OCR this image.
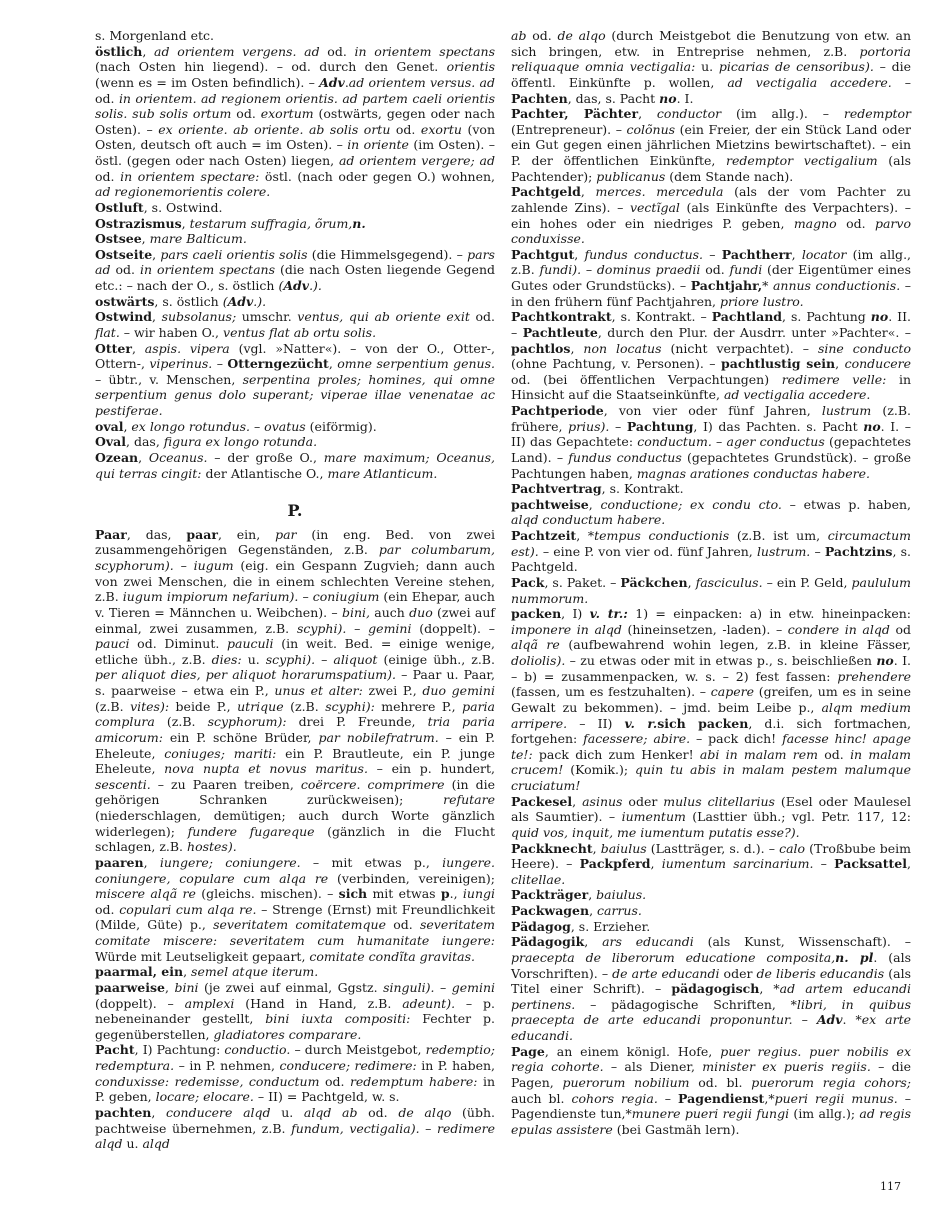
s. Morgenland etc.
östlich, ad orientem vergens. ad od. in orientem spectans (nach Osten hin liegend). – od. durch den Genet. orientis (wenn es = im Osten befindlich). – Adv.ad orientem versus. ad od. in orientem. ad regionem orientis. ad partem caeli orientis solis. sub solis ortum od. exortum (ostwärts, gegen oder nach Osten). – ex oriente. ab oriente. ab solis ortu od. exortu (von Osten, deutsch oft auch = im Osten). – in oriente (im Osten). – östl. (gegen oder nach Osten) liegen, ad orientem vergere; ad od. in orientem spectare: östl. (nach oder gegen O.) wohnen, ad regionemorientis colere.
Ostluft, s. Ostwind.
Ostrazismus, testarum suffragia, õrum,n.
Ostsee, mare Balticum.
Ostseite, pars caeli orientis solis (die Himmelsgegend). – pars ad od. in orientem spectans (die nach Osten liegende Gegend etc.: – nach der O., s. östlich (Adv.).
ostwärts, s. östlich (Adv.).
Ostwind, subsolanus; umschr. ventus, qui ab oriente exit od. flat. – wir haben O., ventus flat ab ortu solis.
Otter, aspis. vipera (vgl. »Natter«). – von der O., Otter-, Ottern-, viperinus. – Otterngezücht, omne serpentium genus. – übtr., v. Menschen, serpentina proles; homines, qui omne serpentium genus dolo superant; viperae illae venenatae ac pestiferae.
oval, ex longo rotundus. – ovatus (eiförmig).
Oval, das, figura ex longo rotunda.
Ozean, Oceanus. – der große O., mare maximum; Oceanus, qui terras cingit: der Atlantische O., mare Atlanticum.
P.
Paar, das, paar, ein, par (in eng. Bed. von zwei zusammengehörigen Gegenständen, z.B. par columbarum, scyphorum). – iugum (eig. ein Gespann Zugvieh; dann auch von zwei Menschen, die in einem schlechten Vereine stehen, z.B. iugum impiorum nefarium). – coniugium (ein Ehepar, auch v. Tieren = Männchen u. Weibchen). – bini, auch duo (zwei auf einmal, zwei zusammen, z.B. scyphi). – gemini (doppelt). – pauci od. Diminut. pauculi (in weit. Bed. = einige wenige, etliche übh., z.B. dies: u. scyphi). – aliquot (einige übh., z.B. per aliquot dies, per aliquot horarumspatium). – Paar u. Paar, s. paarweise – etwa ein P., unus et alter: zwei P., duo gemini (z.B. vites): beide P., utrique (z.B. scyphi): mehrere P., paria complura (z.B. scyphorum): drei P. Freunde, tria paria amicorum: ein P. schöne Brüder, par nobilefratrum. – ein P. Eheleute, coniuges; mariti: ein P. Brautleute, ein P. junge Eheleute, nova nupta et novus maritus. – ein p. hundert, sescenti. – zu Paaren treiben, coërcere. comprimere (in die gehörigen Schranken zurückweisen); refutare (niederschlagen, demütigen; auch durch Worte gänzlich widerlegen); fundere fugareque (gänzlich in die Flucht schlagen, z.B. hostes).
paaren, iungere; coniungere. – mit etwas p., iungere. coniungere, copulare cum alqa re (verbinden, vereinigen); miscere alqã re (gleichs. mischen). – sich mit etwas p., iungi od. copulari cum alqa re. – Strenge (Ernst) mit Freundlichkeit (Milde, Güte) p., severitatem comitatemque od. severitatem comitate miscere: severitatem cum humanitate iungere: Würde mit Leutseligkeit gepaart, comitate condĩta gravitas.
paarmal, ein, semel atque iterum.
paarweise, bini (je zwei auf einmal, Ggstz. singuli). – gemini (doppelt). – amplexi (Hand in Hand, z.B. adeunt). – p. nebeneinander gestellt, bini iuxta compositi: Fechter p. gegenüberstellen, gladiatores comparare.
Pacht, I) Pachtung: conductio. – durch Meistgebot, redemptio; redemptura. – in P. nehmen, conducere; redimere: in P. haben, conduxisse: redemisse, conductum od. redemptum habere: in P. geben, locare; elocare. – II) = Pachtgeld, w. s.
pachten, conducere alqd u. alqd ab od. de alqo (übh. pachtweise übernehmen, z.B. fundum, vectigalia). – redimere alqd u. alqd
ab od. de alqo (durch Meistgebot die Benutzung von etw. an sich bringen, etw. in Entreprise nehmen, z.B. portoria reliquaque omnia vectigalia: u. picarias de censoribus). – die öffentl. Einkünfte p. wollen, ad vectigalia accedere. – Pachten, das, s. Pacht no. I.
Pachter, Pächter, conductor (im allg.). – redemptor (Entrepreneur). – colõnus (ein Freier, der ein Stück Land oder ein Gut gegen einen jährlichen Mietzins bewirtschaftet). – ein P. der öffentlichen Einkünfte, redemptor vectigalium (als Pachtender); publicanus (dem Stande nach).
Pachtgeld, merces. mercedula (als der vom Pachter zu zahlende Zins). – vectĩgal (als Einkünfte des Verpachters). – ein hohes oder ein niedriges P. geben, magno od. parvo conduxisse.
Pachtgut, fundus conductus. – Pachtherr, locator (im allg., z.B. fundi). – dominus praedii od. fundi (der Eigentümer eines Gutes oder Grundstücks). – Pachtjahr,* annus conductionis. – in den frühern fünf Pachtjahren, priore lustro.
Pachtkontrakt, s. Kontrakt. – Pachtland, s. Pachtung no. II. – Pachtleute, durch den Plur. der Ausdrr. unter »Pachter«. – pachtlos, non locatus (nicht verpachtet). – sine conducto (ohne Pachtung, v. Personen). – pachtlustig sein, conducere od. (bei öffentlichen Verpachtungen) redimere velle: in Hinsicht auf die Staatseinkünfte, ad vectigalia accedere.
Pachtperiode, von vier oder fünf Jahren, lustrum (z.B. frühere, prius). – Pachtung, I) das Pachten. s. Pacht no. I. – II) das Gepachtete: conductum. – ager conductus (gepachtetes Land). – fundus conductus (gepachtetes Grundstück). – große Pachtungen haben, magnas arationes conductas habere.
Pachtvertrag, s. Kontrakt.
pachtweise, conductione; ex condu cto. – etwas p. haben, alqd conductum habere.
Pachtzeit, *tempus conductionis (z.B. ist um, circumactum est). – eine P. von vier od. fünf Jahren, lustrum. – Pachtzins, s. Pachtgeld.
Pack, s. Paket. – Päckchen, fasciculus. – ein P. Geld, paululum nummorum.
packen, I) v. tr.: 1) = einpacken: a) in etw. hineinpacken: imponere in alqd (hineinsetzen, -laden). – condere in alqd od alqã re (aufbewahrend wohin legen, z.B. in kleine Fässer, doliolis). – zu etwas oder mit in etwas p., s. beischließen no. I. – b) = zusammenpacken, w. s. – 2) fest fassen: prehendere (fassen, um es festzuhalten). – capere (greifen, um es in seine Gewalt zu bekommen). – jmd. beim Leibe p., alqm medium arripere. – II) v. r.sich packen, d.i. sich fortmachen, fortgehen: facessere; abire. – pack dich! facesse hinc! apage te!: pack dich zum Henker! abi in malam rem od. in malam crucem! (Komik.); quin tu abis in malam pestem malumque cruciatum!
Packesel, asinus oder mulus clitellarius (Esel oder Maulesel als Saumtier). – iumentum (Lasttier übh.; vgl. Petr. 117, 12: quid vos, inquit, me iumentum putatis esse?).
Packknecht, baiulus (Lastträger, s. d.). – calo (Troßbube beim Heere). – Packpferd, iumentum sarcinarium. – Packsattel, clitellae.
Packträger, baiulus.
Packwagen, carrus.
Pädagog, s. Erzieher.
Pädagogik, ars educandi (als Kunst, Wissenschaft). – praecepta de liberorum educatione composita,n. pl. (als Vorschriften). – de arte educandi oder de liberis educandis (als Titel einer Schrift). – pädagogisch, *ad artem educandi pertinens. – pädagogische Schriften, *libri, in quibus praecepta de arte educandi proponuntur. – Adv. *ex arte educandi.
Page, an einem königl. Hofe, puer regius. puer nobilis ex regia cohorte. – als Diener, minister ex pueris regiis. – die Pagen, puerorum nobilium od. bl. puerorum regia cohors; auch bl. cohors regia. – Pagendienst,*pueri regii munus. – Pagendienste tun,*munere pueri regii fungi (im allg.); ad regis epulas assistere (bei Gastmäh lern).
117
